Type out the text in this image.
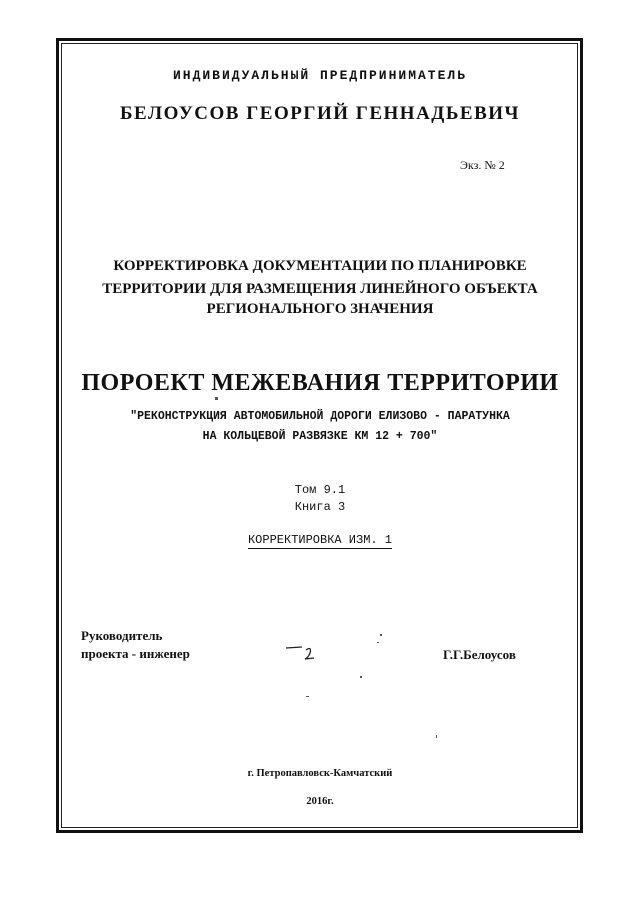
ИНДИВИДУАЛЬНЫЙ ПРЕДПРИНИМАТЕЛЬ
БЕЛОУСОВ ГЕОРГИЙ ГЕННАДЬЕВИЧ
Экз. № 2
КОРРЕКТИРОВКА ДОКУМЕНТАЦИИ ПО ПЛАНИРОВКЕ
ТЕРРИТОРИИ ДЛЯ РАЗМЕЩЕНИЯ ЛИНЕЙНОГО ОБЪЕКТА
РЕГИОНАЛЬНОГО ЗНАЧЕНИЯ
ПОРОЕКТ МЕЖЕВАНИЯ ТЕРРИТОРИИ
"РЕКОНСТРУКЦИЯ АВТОМОБИЛЬНОЙ ДОРОГИ ЕЛИЗОВО - ПАРАТУНКА
НА КОЛЬЦЕВОЙ РАЗВЯЗКЕ КМ 12 + 700"
Том 9.1
Книга 3
КОРРЕКТИРОВКА ИЗМ. 1
Руководитель
проекта - инженер	Г.Г.Белоусов
г. Петропавловск-Камчатский
2016г.
